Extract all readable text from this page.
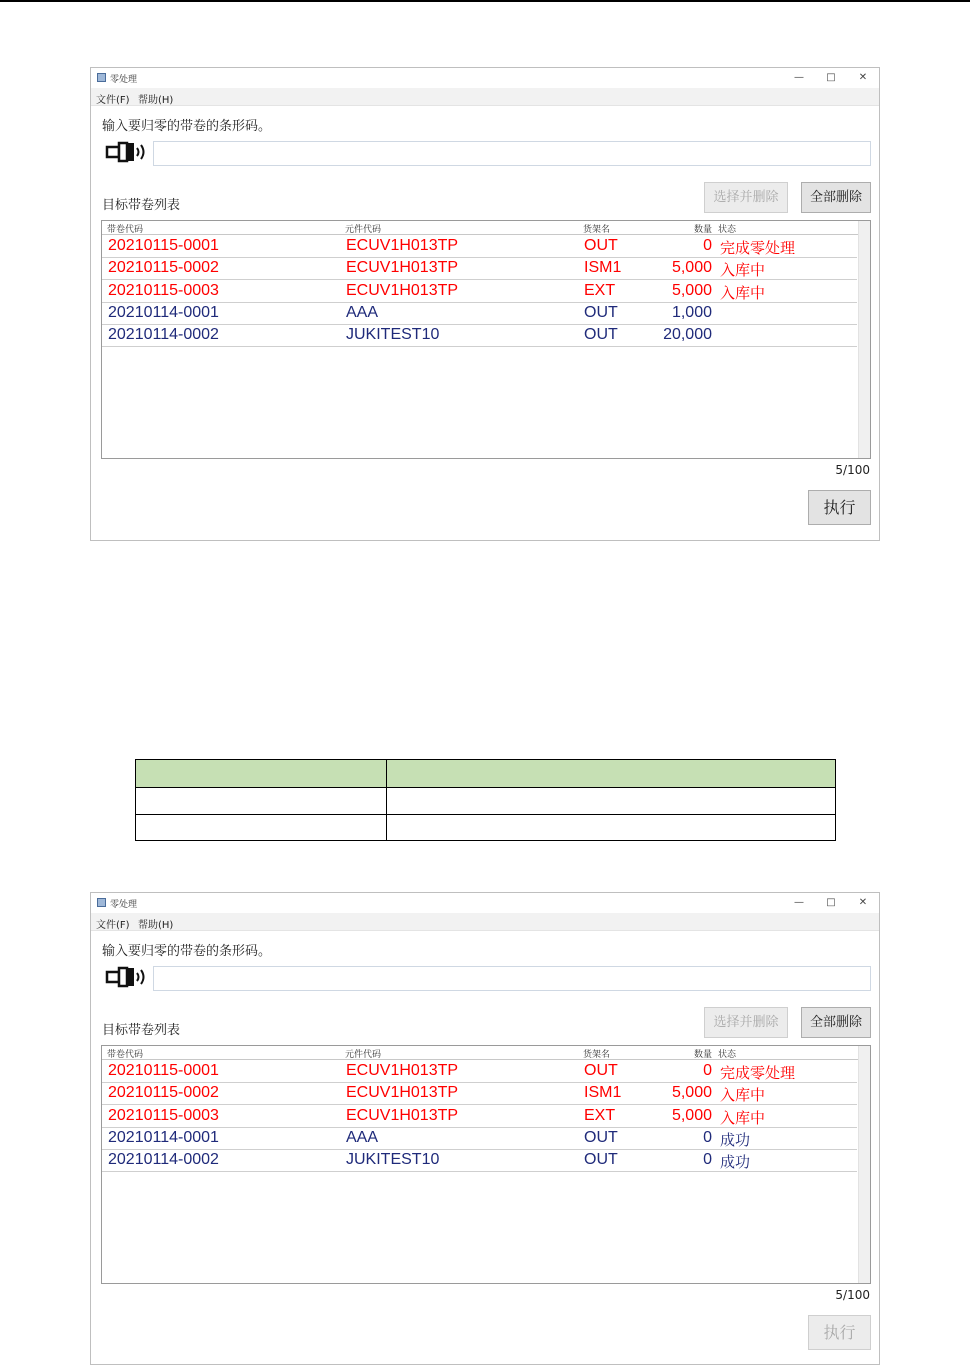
零处理	—	□	✕
文件(F) 帮助(H)
输入要归零的带卷的条形码。
目标带卷列表
选择并删除	全部删除
带卷代码	元件代码	货架名	数量 状态
20210115-0001	ECUV1H013TP	OUT	0 完成零处理
20210115-0002	ECUV1H013TP	ISM1	5,000 入库中
20210115-0003	ECUV1H013TP	EXT	5,000 入库中
20210114-0001	AAA	OUT	1,000
20210114-0002	JUKITEST10	OUT	20,000
5/100
执行
零处理	—	□	✕
文件(F) 帮助(H)
输入要归零的带卷的条形码。
目标带卷列表
选择并删除	全部删除
带卷代码	元件代码	货架名	数量 状态
20210115-0001	ECUV1H013TP	OUT	0 完成零处理
20210115-0002	ECUV1H013TP	ISM1	5,000 入库中
20210115-0003	ECUV1H013TP	EXT	5,000 入库中
20210114-0001	AAA	OUT	0 成功
20210114-0002	JUKITEST10	OUT	0 成功
5/100
执行
